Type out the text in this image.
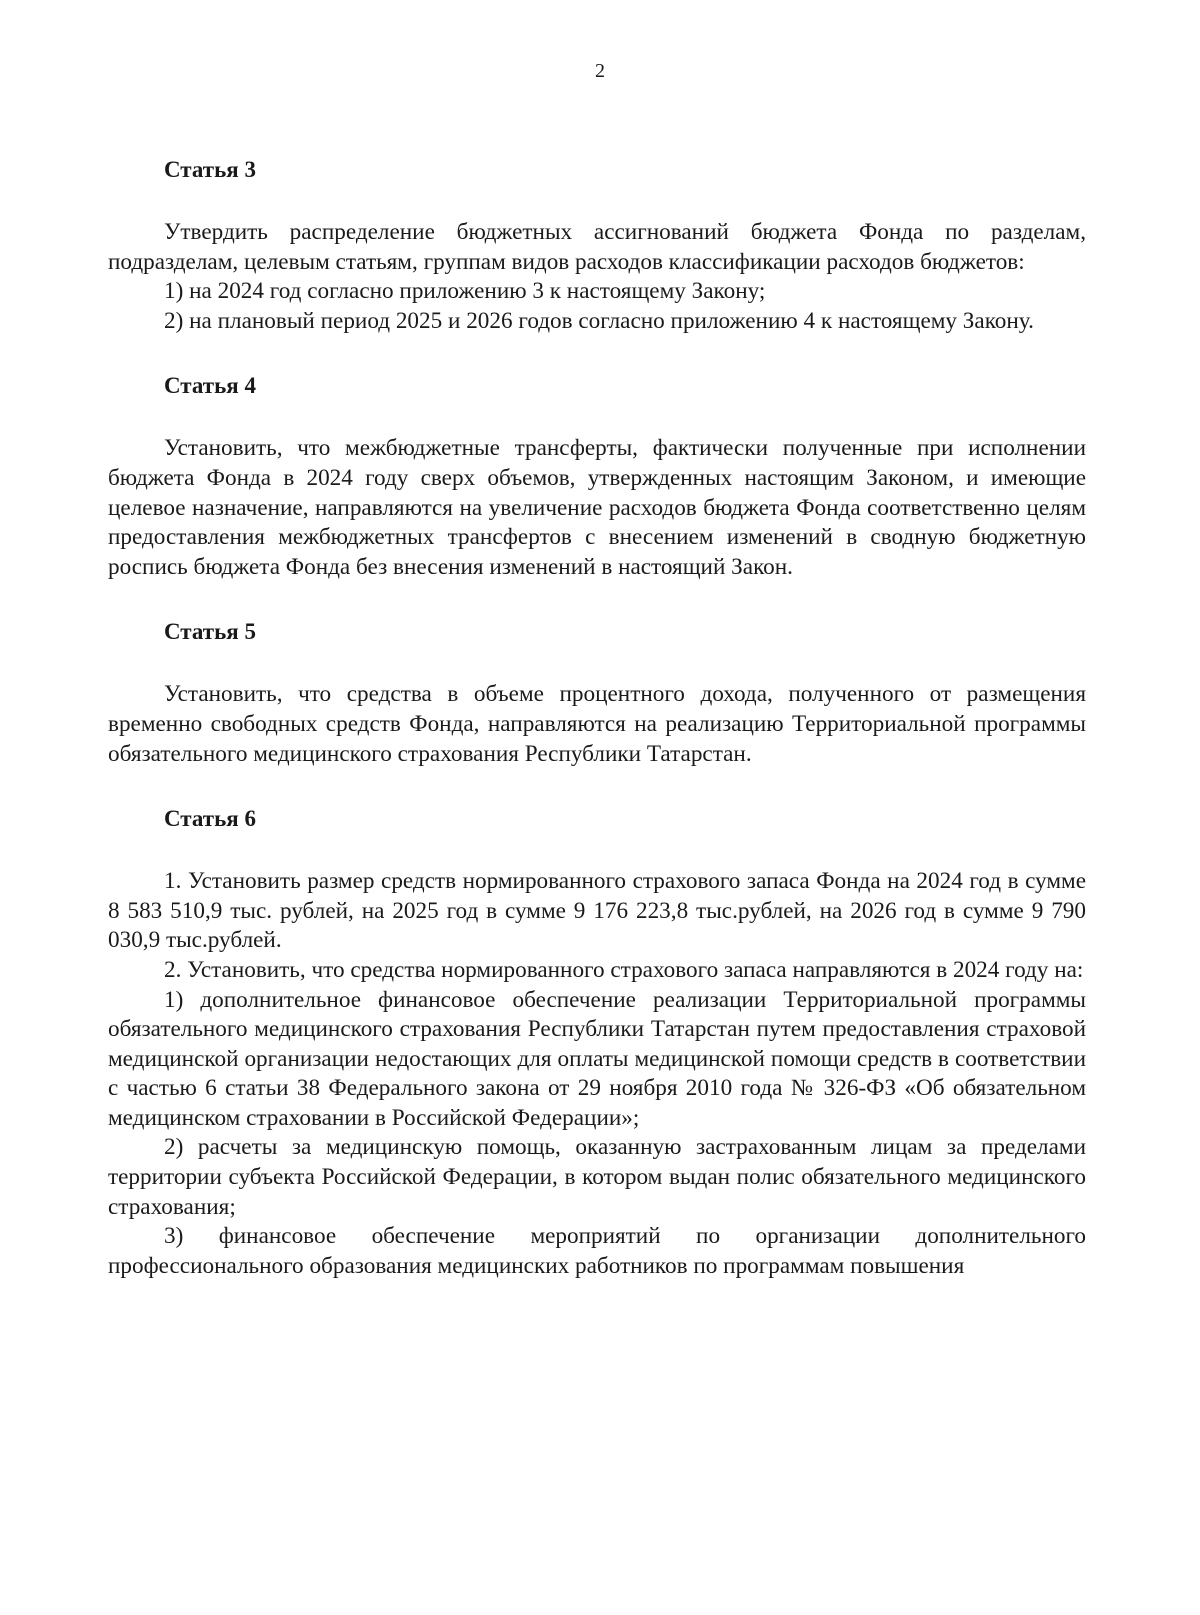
2
Статья 3

Утвердить распределение бюджетных ассигнований бюджета Фонда по разделам, подразделам, целевым статьям, группам видов расходов классификации расходов бюджетов:

1) на 2024 год согласно приложению 3 к настоящему Закону;

2) на плановый период 2025 и 2026 годов согласно приложению 4 к настоящему Закону.

Статья 4

Установить, что межбюджетные трансферты, фактически полученные при исполнении бюджета Фонда в 2024 году сверх объемов, утвержденных настоящим Законом, и имеющие целевое назначение, направляются на увеличение расходов бюджета Фонда соответственно целям предоставления межбюджетных трансфертов с внесением изменений в сводную бюджетную роспись бюджета Фонда без внесения изменений в настоящий Закон.

Статья 5

Установить, что средства в объеме процентного дохода, полученного от размещения временно свободных средств Фонда, направляются на реализацию Территориальной программы обязательного медицинского страхования Республики Татарстан.

Статья 6

1. Установить размер средств нормированного страхового запаса Фонда на 2024 год в сумме 8 583 510,9 тыс. рублей, на 2025 год в сумме 9 176 223,8 тыс.рублей, на 2026 год в сумме 9 790 030,9 тыс.рублей.

2. Установить, что средства нормированного страхового запаса направляются в 2024 году на:

1) дополнительное финансовое обеспечение реализации Территориальной программы обязательного медицинского страхования Республики Татарстан путем предоставления страховой медицинской организации недостающих для оплаты медицинской помощи средств в соответствии с частью 6 статьи 38 Федерального закона от 29 ноября 2010 года № 326-ФЗ «Об обязательном медицинском страховании в Российской Федерации»;

2) расчеты за медицинскую помощь, оказанную застрахованным лицам за пределами территории субъекта Российской Федерации, в котором выдан полис обязательного медицинского страхования;

3) финансовое обеспечение мероприятий по организации дополнительного профессионального образования медицинских работников по программам повышения
